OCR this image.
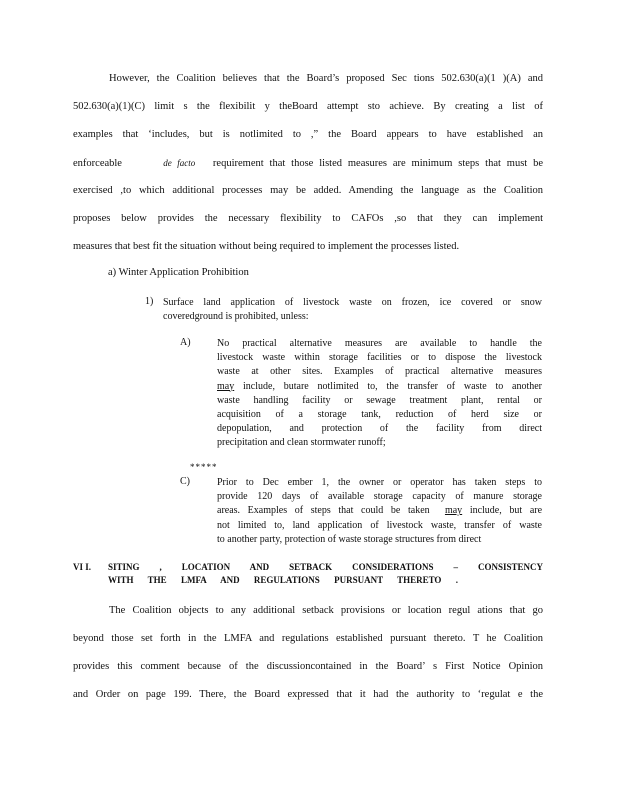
However, the Coalition believes that the Board’s proposed Sec tions 502.630(a)(1 )(A) and
502.630(a)(1)(C) limit s the flexibilit y theBoard attempt sto achieve. By creating a list of
examples that ‘includes, but is notlimited to ,” the Board appears to have established an
enforceable	de facto requirement that those listed measures are minimum steps that must be
exercised ,to which additional processes may be added. Amending the language as the Coalition
proposes below provides the necessary flexibility to CAFOs ,so that they can implement
measures that best fit the situation without being required to implement the processes listed.
a) Winter Application Prohibition
1) Surface land application of livestock waste on frozen, ice covered or snow
coveredground is prohibited, unless:
A)	No practical alternative measures are available to handle the
livestock waste within storage facilities or to dispose the livestock
waste at other sites. Examples of practical alternative measures
may include, butare notlimited to, the transfer of waste to another
waste handling facility or sewage treatment plant, rental or
acquisition of a storage tank, reduction of herd size or
depopulation, and protection of the facility from direct
precipitation and clean stormwater runoff;
*****
C)	Prior to Dec ember 1, the owner or operator has taken steps to
provide 120 days of available storage capacity of manure storage
areas. Examples of steps that could be taken may include, but are
not limited to, land application of livestock waste, transfer of waste
to another party, protection of waste storage structures from direct
VI I. SITING , LOCATION AND SETBACK CONSIDERATIONS – CONSISTENCY
WITH THE LMFA AND REGULATIONS PURSUANT THERETO .
The Coalition objects to any additional setback provisions or location regul ations that go
beyond those set forth in the LMFA and regulations established pursuant thereto. T he Coalition
provides this comment because of the discussioncontained in the Board’ s First Notice Opinion
and Order on page 199. There, the Board expressed that it had the authority to ‘regulat e the
